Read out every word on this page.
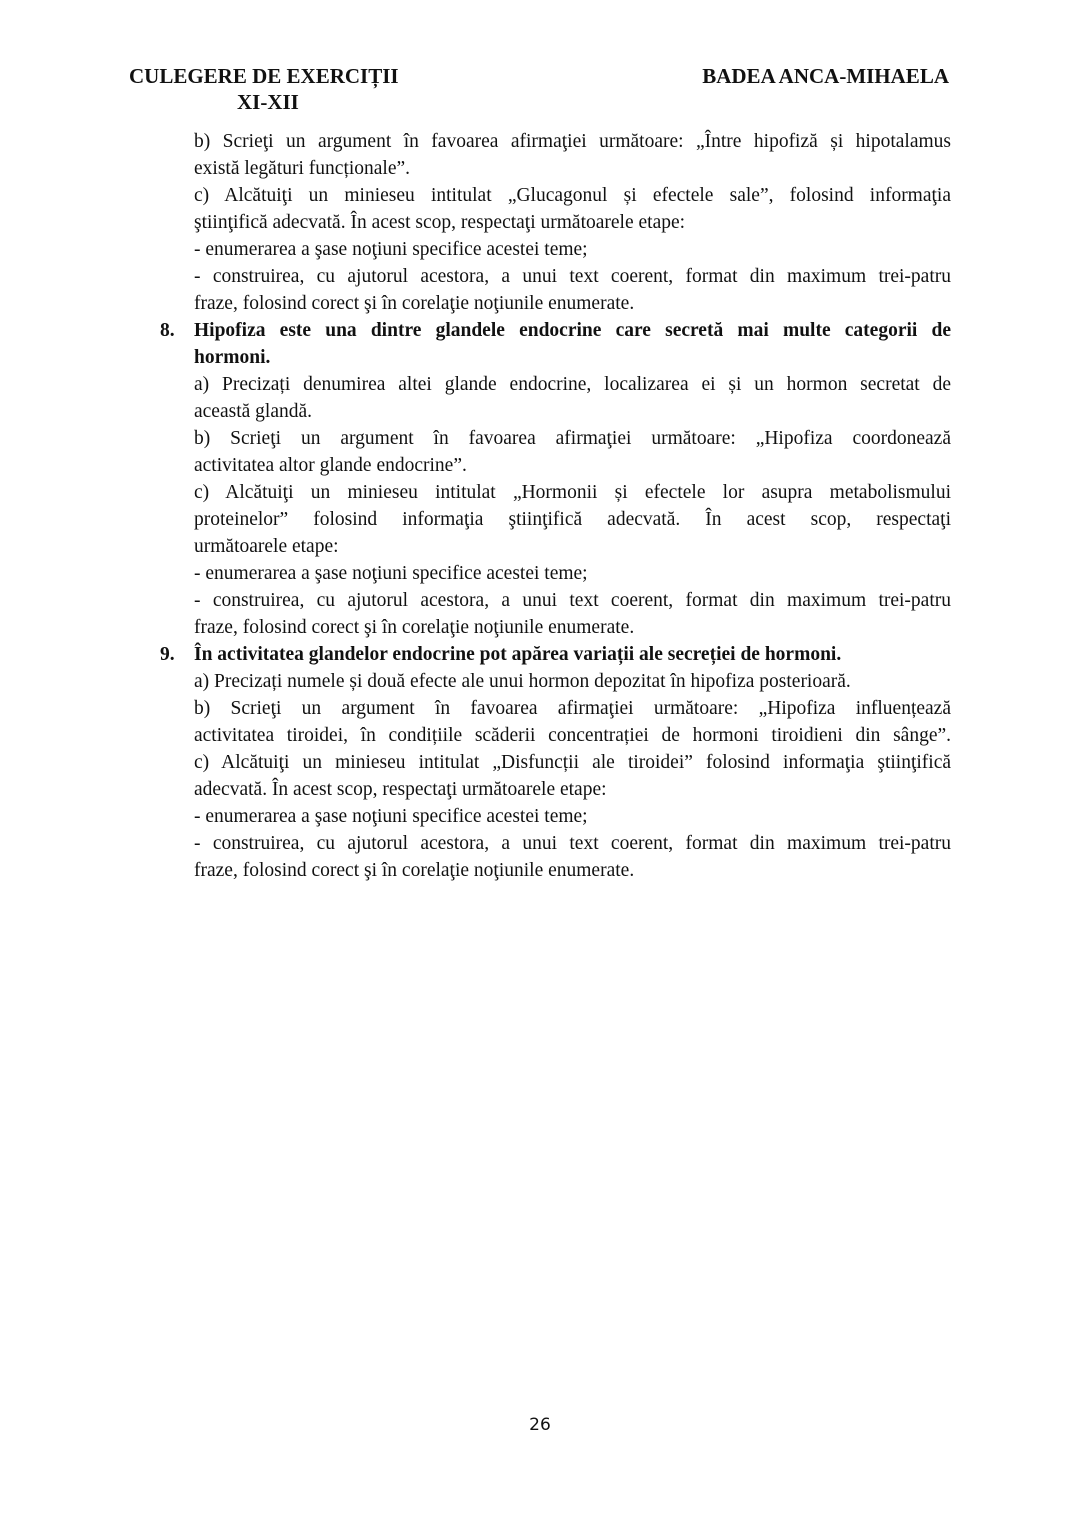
CULEGERE DE EXERCIȚII
XI-XII
BADEA ANCA-MIHAELA
b) Scrieţi un argument în favoarea afirmaţiei următoare: „Între hipofiză și hipotalamus
există legături funcționale”.
c) Alcătuiţi un minieseu intitulat „Glucagonul și efectele sale”, folosind informaţia
ştiinţifică adecvată. În acest scop, respectaţi următoarele etape:
- enumerarea a şase noţiuni specifice acestei teme;
- construirea, cu ajutorul acestora, a unui text coerent, format din maximum trei-patru
fraze, folosind corect şi în corelaţie noţiunile enumerate.
8. Hipofiza este una dintre glandele endocrine care secretă mai multe categorii de
hormoni.
a) Precizați denumirea altei glande endocrine, localizarea ei și un hormon secretat de
această glandă.
b) Scrieţi un argument în favoarea afirmaţiei următoare: „Hipofiza coordonează
activitatea altor glande endocrine”.
c) Alcătuiţi un minieseu intitulat „Hormonii și efectele lor asupra metabolismului
proteinelor” folosind informaţia ştiinţifică adecvată. În acest scop, respectaţi
următoarele etape:
- enumerarea a şase noţiuni specifice acestei teme;
- construirea, cu ajutorul acestora, a unui text coerent, format din maximum trei-patru
fraze, folosind corect şi în corelaţie noţiunile enumerate.
9. În activitatea glandelor endocrine pot apărea variații ale secreției de hormoni.
a) Precizați numele și două efecte ale unui hormon depozitat în hipofiza posterioară.
b) Scrieţi un argument în favoarea afirmaţiei următoare: „Hipofiza influențează
activitatea tiroidei, în condițiile scăderii concentrației de hormoni tiroidieni din sânge”.
c) Alcătuiţi un minieseu intitulat „Disfuncții ale tiroidei” folosind informaţia ştiinţifică
adecvată. În acest scop, respectaţi următoarele etape:
- enumerarea a şase noţiuni specifice acestei teme;
- construirea, cu ajutorul acestora, a unui text coerent, format din maximum trei-patru
fraze, folosind corect şi în corelaţie noţiunile enumerate.
26
